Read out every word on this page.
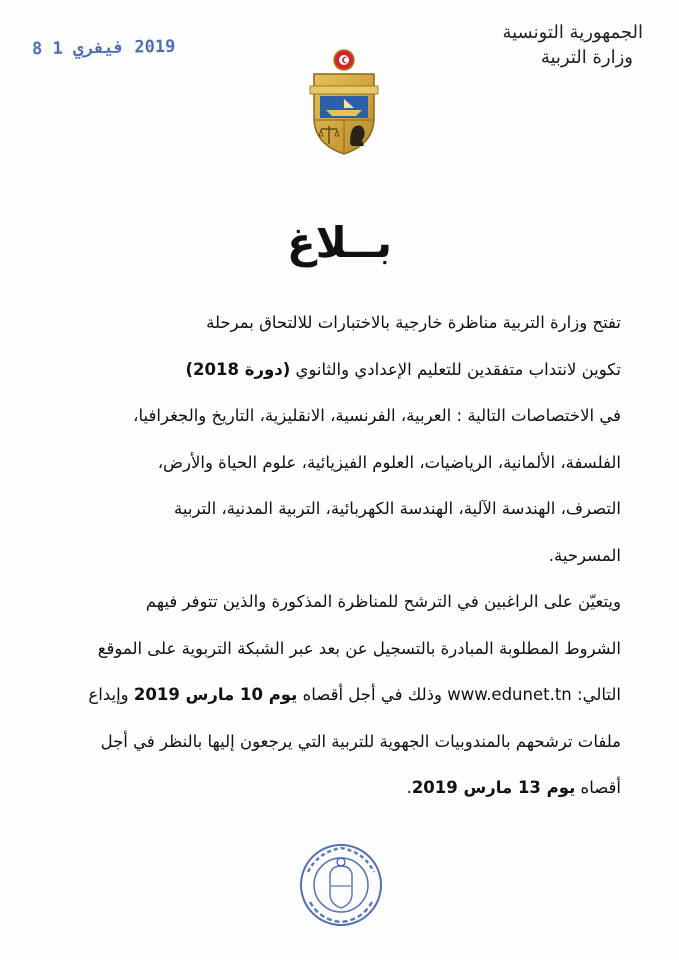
2019 فيفري 1 8
الجمهورية التونسية
وزارة التربية
بــلاغ
تفتح وزارة التربية مناظرة خارجية بالاختبارات للالتحاق بمرحلة
تكوين لانتداب متفقدين للتعليم الإعدادي والثانوي (دورة 2018)
في الاختصاصات التالية : العربية، الفرنسية، الانقليزية، التاريخ والجغرافيا،
الفلسفة، الألمانية، الرياضيات، العلوم الفيزيائية، علوم الحياة والأرض،
التصرف، الهندسة الآلية، الهندسة الكهربائية، التربية المدنية، التربية
المسرحية.
ويتعيّن على الراغبين في الترشح للمناظرة المذكورة والذين تتوفر فيهم
الشروط المطلوبة المبادرة بالتسجيل عن بعد عبر الشبكة التربوية على الموقع
التالي: www.edunet.tn وذلك في أجل أقصاه يوم 10 مارس 2019 وإيداع
ملفات ترشحهم بالمندوبيات الجهوية للتربية التي يرجعون إليها بالنظر في أجل
أقصاه يوم 13 مارس 2019.
